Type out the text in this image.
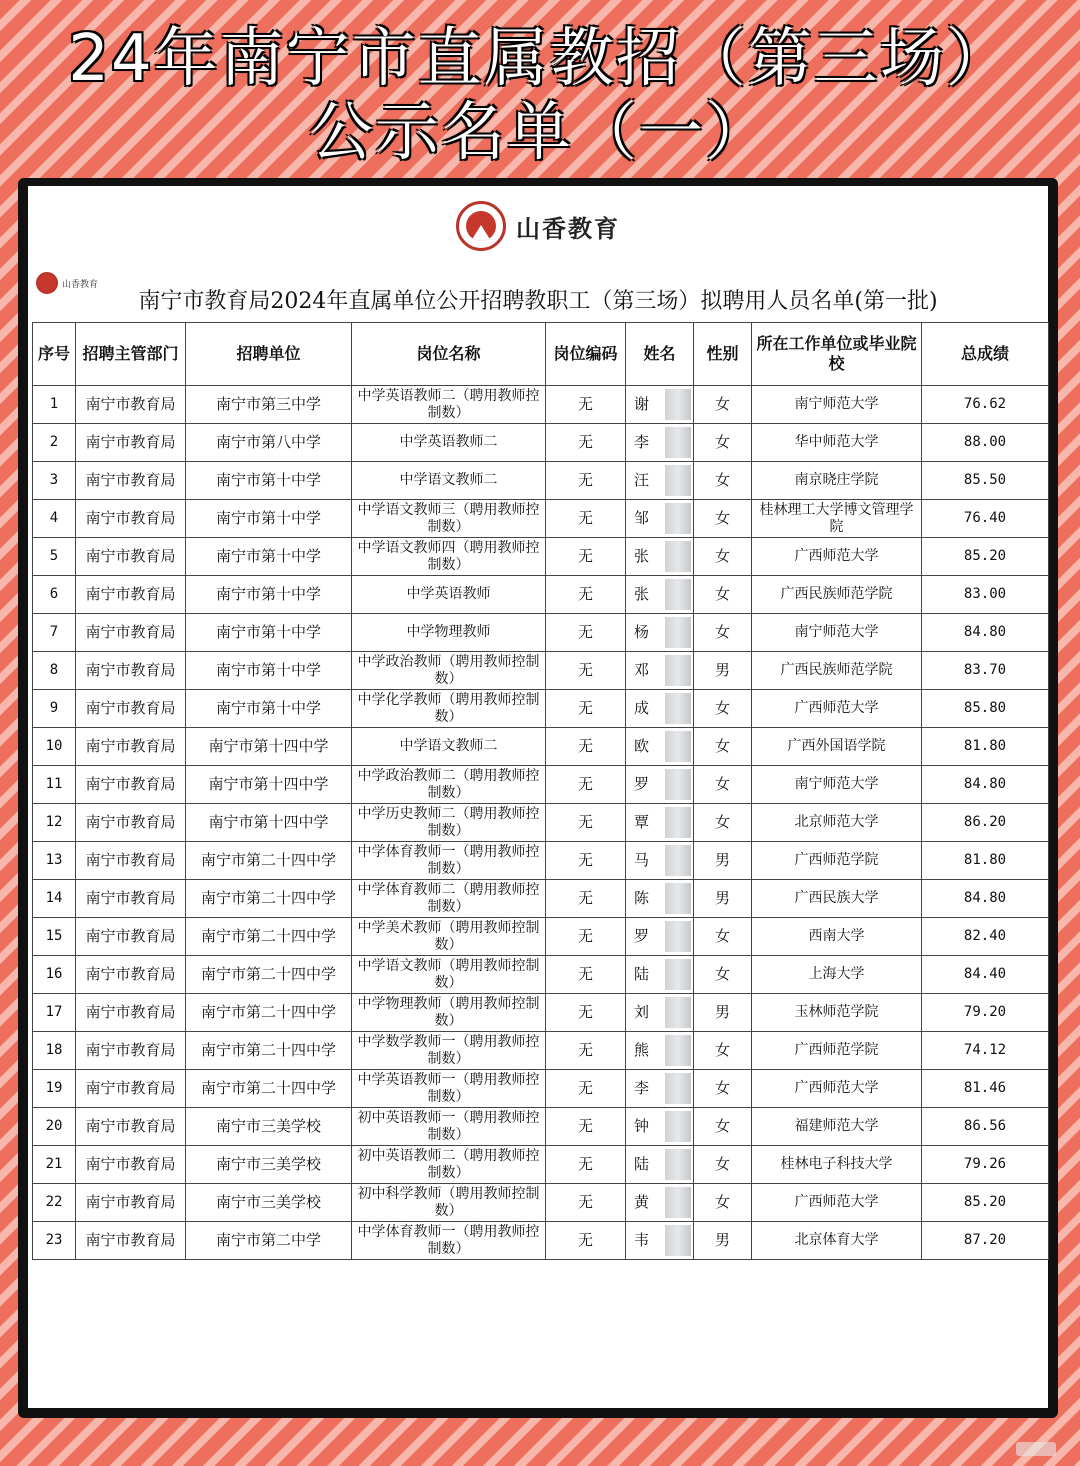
24年南宁市直属教招（第三场）
公示名单（一）
山香教育
山香教育
南宁市教育局2024年直属单位公开招聘教职工（第三场）拟聘用人员名单(第一批)
序号	招聘主管部门	招聘单位	岗位名称	岗位编码	姓名	性别	所在工作单位或毕业院校	总成绩
1	南宁市教育局	南宁市第三中学	中学英语教师二（聘用教师控制数）	无	谢	女	南宁师范大学	76.62
2	南宁市教育局	南宁市第八中学	中学英语教师二	无	李	女	华中师范大学	88.00
3	南宁市教育局	南宁市第十中学	中学语文教师二	无	汪	女	南京晓庄学院	85.50
4	南宁市教育局	南宁市第十中学	中学语文教师三（聘用教师控制数）	无	邹	女	桂林理工大学博文管理学院	76.40
5	南宁市教育局	南宁市第十中学	中学语文教师四（聘用教师控制数）	无	张	女	广西师范大学	85.20
6	南宁市教育局	南宁市第十中学	中学英语教师	无	张	女	广西民族师范学院	83.00
7	南宁市教育局	南宁市第十中学	中学物理教师	无	杨	女	南宁师范大学	84.80
8	南宁市教育局	南宁市第十中学	中学政治教师（聘用教师控制数）	无	邓	男	广西民族师范学院	83.70
9	南宁市教育局	南宁市第十中学	中学化学教师（聘用教师控制数）	无	成	女	广西师范大学	85.80
10	南宁市教育局	南宁市第十四中学	中学语文教师二	无	欧	女	广西外国语学院	81.80
11	南宁市教育局	南宁市第十四中学	中学政治教师二（聘用教师控制数）	无	罗	女	南宁师范大学	84.80
12	南宁市教育局	南宁市第十四中学	中学历史教师二（聘用教师控制数）	无	覃	女	北京师范大学	86.20
13	南宁市教育局	南宁市第二十四中学	中学体育教师一（聘用教师控制数）	无	马	男	广西师范学院	81.80
14	南宁市教育局	南宁市第二十四中学	中学体育教师二（聘用教师控制数）	无	陈	男	广西民族大学	84.80
15	南宁市教育局	南宁市第二十四中学	中学美术教师（聘用教师控制数）	无	罗	女	西南大学	82.40
16	南宁市教育局	南宁市第二十四中学	中学语文教师（聘用教师控制数）	无	陆	女	上海大学	84.40
17	南宁市教育局	南宁市第二十四中学	中学物理教师（聘用教师控制数）	无	刘	男	玉林师范学院	79.20
18	南宁市教育局	南宁市第二十四中学	中学数学教师一（聘用教师控制数）	无	熊	女	广西师范学院	74.12
19	南宁市教育局	南宁市第二十四中学	中学英语教师一（聘用教师控制数）	无	李	女	广西师范大学	81.46
20	南宁市教育局	南宁市三美学校	初中英语教师一（聘用教师控制数）	无	钟	女	福建师范大学	86.56
21	南宁市教育局	南宁市三美学校	初中英语教师二（聘用教师控制数）	无	陆	女	桂林电子科技大学	79.26
22	南宁市教育局	南宁市三美学校	初中科学教师（聘用教师控制数）	无	黄	女	广西师范大学	85.20
23	南宁市教育局	南宁市第二中学	中学体育教师一（聘用教师控制数）	无	韦	男	北京体育大学	87.20
